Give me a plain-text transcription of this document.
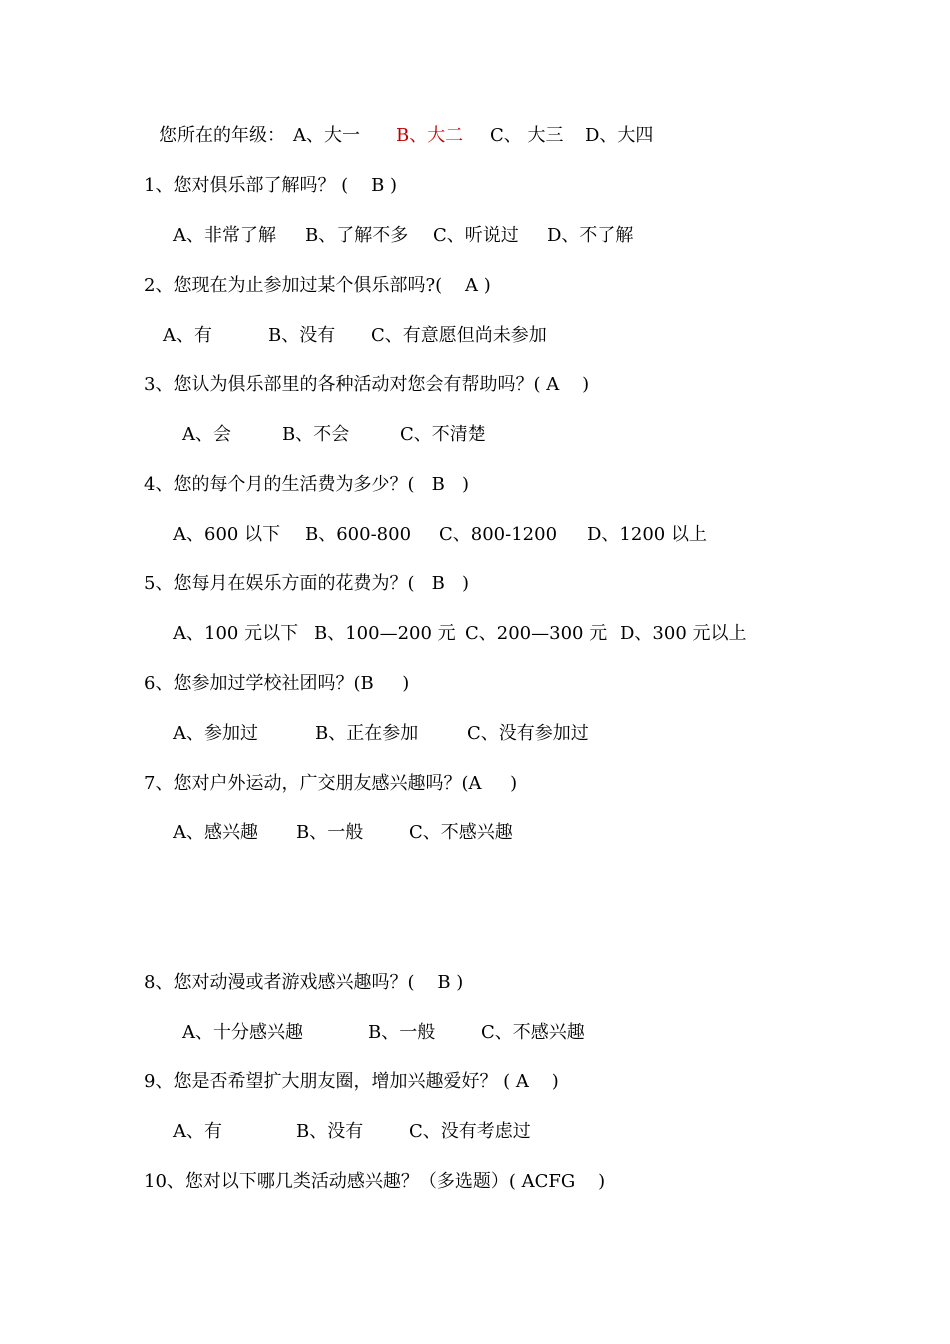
您所在的年级： A、大一 B、大二 C、 大三 D、大四
1、您对俱乐部了解吗？ (    B )
A、非常了解 B、了解不多 C、听说过 D、不了解
2、您现在为止参加过某个俱乐部吗?(    A )
A、有	B、没有 C、有意愿但尚未参加
3、您认为俱乐部里的各种活动对您会有帮助吗？( A    )
A、会	B、不会	C、不清楚
4、您的每个月的生活费为多少？(   B   )
A、600 以下 B、600-800 C、800-1200 D、1200 以上
5、您每月在娱乐方面的花费为？(   B   )
A、100 元以下 B、100—200 元 C、200—300 元 D、300 元以上
6、您参加过学校社团吗？(B     )
A、参加过	B、正在参加	C、没有参加过
7、您对户外运动，广交朋友感兴趣吗？(A     )
A、感兴趣 B、一般	C、不感兴趣
8、您对动漫或者游戏感兴趣吗？(    B )
A、十分感兴趣	B、一般	C、不感兴趣
9、您是否希望扩大朋友圈，增加兴趣爱好？ ( A    )
A、有	B、没有	C、没有考虑过
10、您对以下哪几类活动感兴趣？（多选题）( ACFG    )
